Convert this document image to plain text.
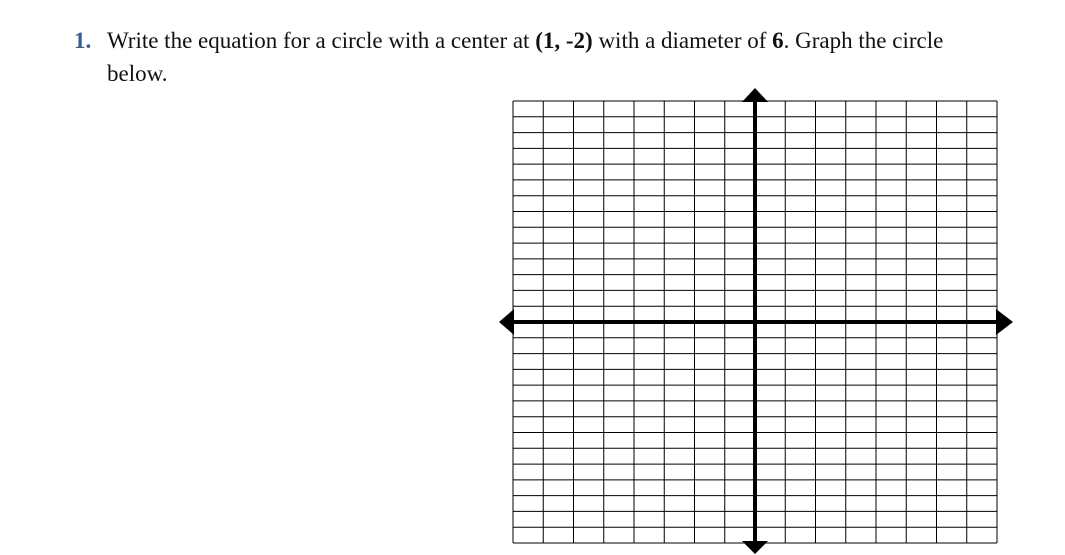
1. Write the equation for a circle with a center at (1, -2) with a diameter of 6. Graph the circle below.
